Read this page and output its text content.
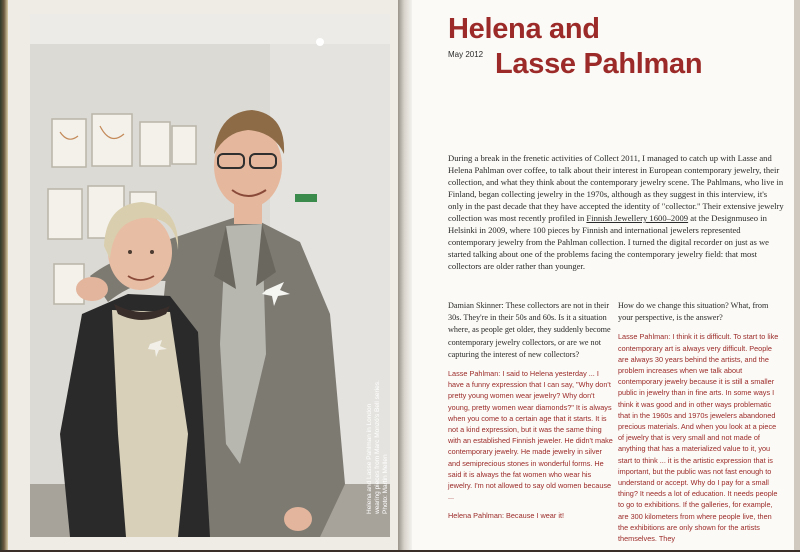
Helena and Lasse Pahlman in London wearing pieces from Marc Monzó's Bell series. Photo: Martin Mellen
Helena and
Lasse Pahlman
May 2012
During a break in the frenetic activities of Collect 2011, I managed to catch up with Lasse and Helena Pahlman over coffee, to talk about their interest in European contemporary jewelry, their collection, and what they think about the contemporary jewelry scene. The Pahlmans, who live in Finland, began collecting jewelry in the 1970s, although as they suggest in this interview, it's only in the past decade that they have accepted the identity of "collector." Their extensive jewelry collection was most recently profiled in Finnish Jewellery 1600–2009 at the Designmuseo in Helsinki in 2009, where 100 pieces by Finnish and international jewelers represented contemporary jewelry from the Pahlman collection. I turned the digital recorder on just as we started talking about one of the problems facing the contemporary jewelry field: that most collectors are older rather than younger.

Damian Skinner: These collectors are not in their 30s. They're in their 50s and 60s. Is it a situation where, as people get older, they suddenly become contemporary jewelry collectors, or are we not capturing the interest of new collectors?

Lasse Pahlman: I said to Helena yesterday ... I have a funny expression that I can say, "Why don't pretty young women wear jewelry? Why don't young, pretty women wear diamonds?" It is always when you come to a certain age that it starts. It is not a kind expression, but it was the same thing with an established Finnish jeweler. He didn't make contemporary jewelry. He made jewelry in silver and semiprecious stones in wonderful forms. He said it is always the fat women who wear his jewelry. I'm not allowed to say old women because ...

Helena Pahlman: Because I wear it!

How do we change this situation? What, from your perspective, is the answer?

Lasse Pahlman: I think it is difficult. To start to like contemporary art is always very difficult. People are always 30 years behind the artists, and the problem increases when we talk about contemporary jewelry because it is still a smaller public in jewelry than in fine arts. In some ways I think it was good and in other ways problematic that in the 1960s and 1970s jewelers abandoned precious materials. And when you look at a piece of jewelry that is very small and not made of anything that has a materialized value to it, you start to think ... it is the artistic expression that is important, but the public was not fast enough to understand or accept. Why do I pay for a small thing? It needs a lot of education. It needs people to go to exhibitions. If the galleries, for example, are 300 kilometers from where people live, then the exhibitions are only shown for the artists themselves. They
